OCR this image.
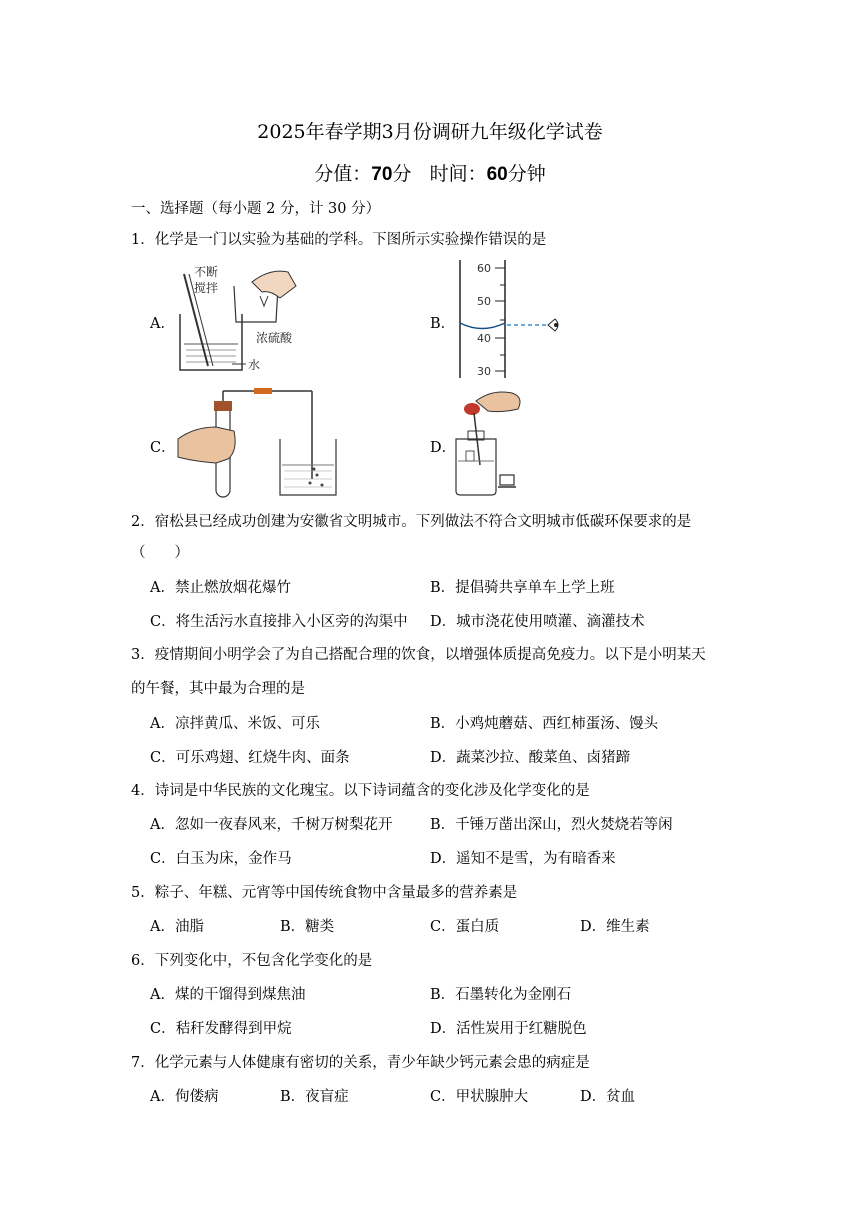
2025年春学期3月份调研九年级化学试卷
分值：70分 时间：60分钟
一、选择题（每小题 2 分，计 30 分）
1．化学是一门以实验为基础的学科。下图所示实验操作错误的是
A．
不断
搅拌
浓硫酸
水
B．
60
50
40
30
C．	D．
2．宿松县已经成功创建为安徽省文明城市。下列做法不符合文明城市低碳环保要求的是
（　　）
A．禁止燃放烟花爆竹	B．提倡骑共享单车上学上班
C．将生活污水直接排入小区旁的沟渠中 D．城市浇花使用喷灌、滴灌技术
3．疫情期间小明学会了为自己搭配合理的饮食，以增强体质提高免疫力。以下是小明某天
的午餐，其中最为合理的是
A．凉拌黄瓜、米饭、可乐	B．小鸡炖蘑菇、西红柿蛋汤、馒头
C．可乐鸡翅、红烧牛肉、面条	D．蔬菜沙拉、酸菜鱼、卤猪蹄
4．诗词是中华民族的文化瑰宝。以下诗词蕴含的变化涉及化学变化的是
A．忽如一夜春风来，千树万树梨花开	B．千锤万凿出深山，烈火焚烧若等闲
C．白玉为床，金作马	D．遥知不是雪，为有暗香来
5．粽子、年糕、元宵等中国传统食物中含量最多的营养素是
A．油脂	B．糖类	C．蛋白质	D．维生素
6．下列变化中，不包含化学变化的是
A．煤的干馏得到煤焦油	B．石墨转化为金刚石
C．秸秆发酵得到甲烷	D．活性炭用于红糖脱色
7．化学元素与人体健康有密切的关系，青少年缺少钙元素会患的病症是
A．佝偻病	B．夜盲症	C．甲状腺肿大	D．贫血
